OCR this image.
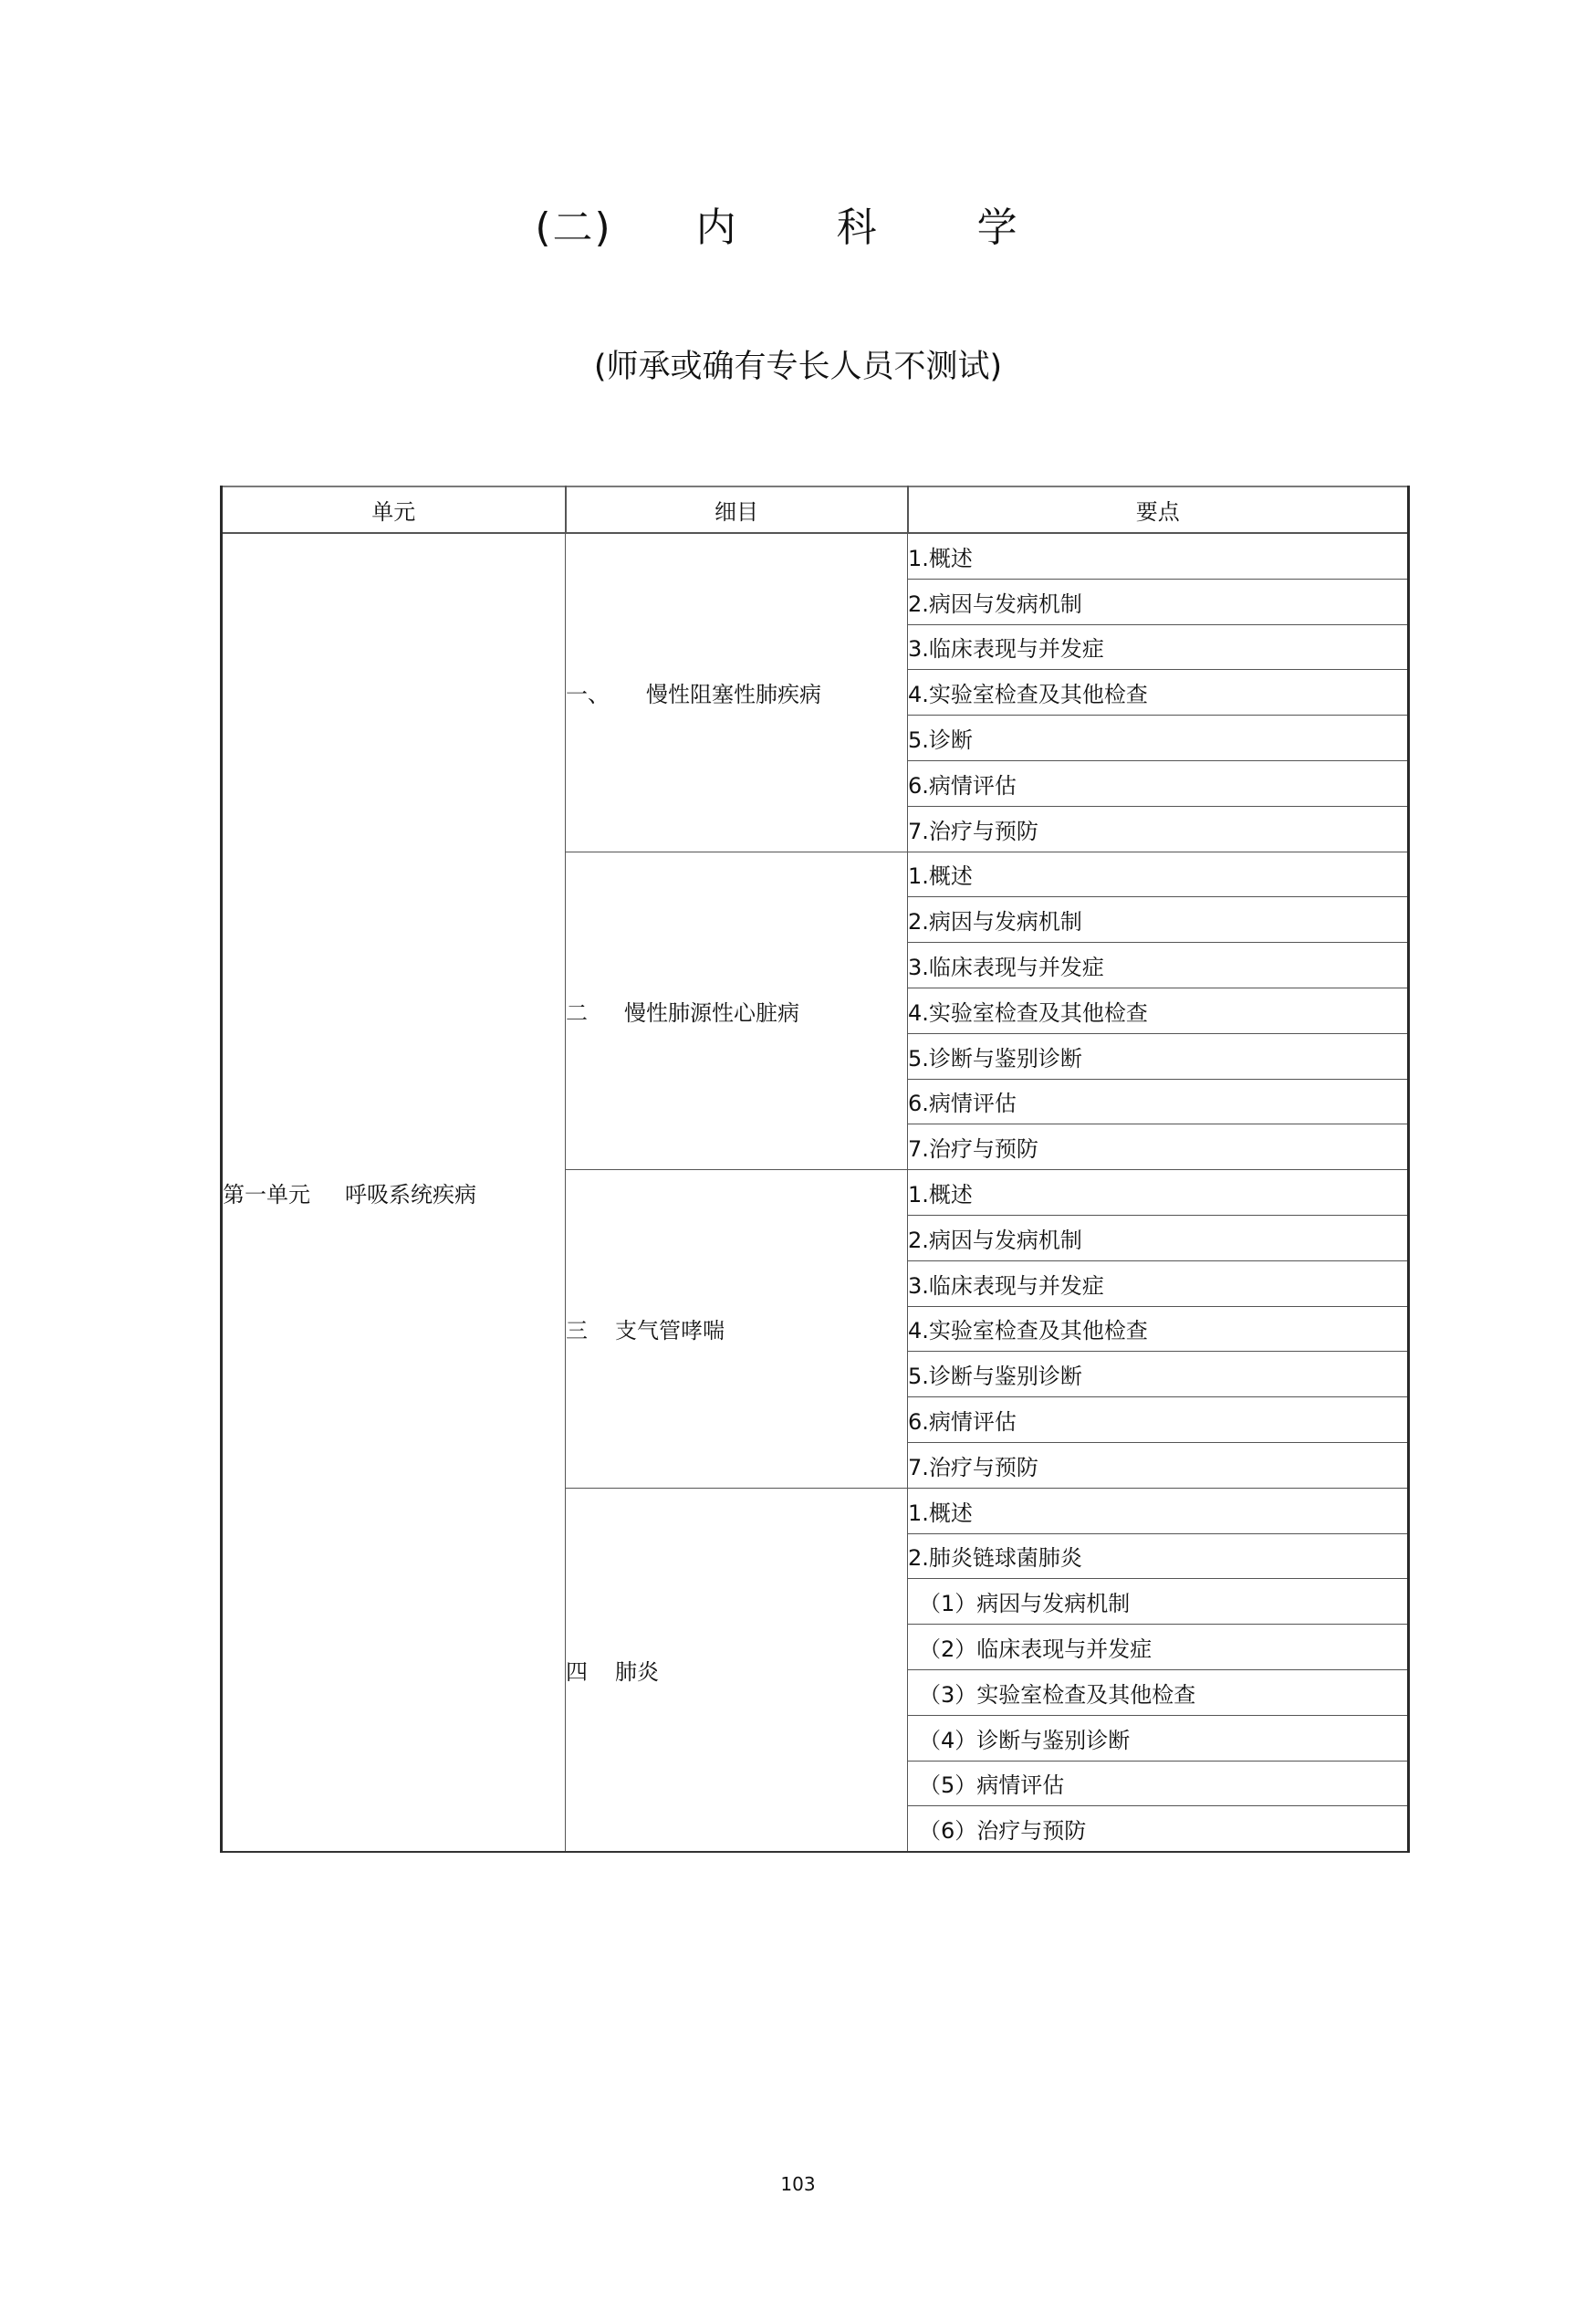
(二) 内 科 学
(师承或确有专长人员不测试)
单元	细目	要点
第一单元 呼吸系统疾病	一、 慢性阻塞性肺疾病	1.概述
		2.病因与发病机制
		3.临床表现与并发症
		4.实验室检查及其他检查
		5.诊断
		6.病情评估
		7.治疗与预防
	二 慢性肺源性心脏病	1.概述
		2.病因与发病机制
		3.临床表现与并发症
		4.实验室检查及其他检查
		5.诊断与鉴别诊断
		6.病情评估
		7.治疗与预防
	三 支气管哮喘	1.概述
		2.病因与发病机制
		3.临床表现与并发症
		4.实验室检查及其他检查
		5.诊断与鉴别诊断
		6.病情评估
		7.治疗与预防
	四 肺炎	1.概述
		2.肺炎链球菌肺炎
		（1）病因与发病机制
		（2）临床表现与并发症
		（3）实验室检查及其他检查
		（4）诊断与鉴别诊断
		（5）病情评估
		（6）治疗与预防
103
